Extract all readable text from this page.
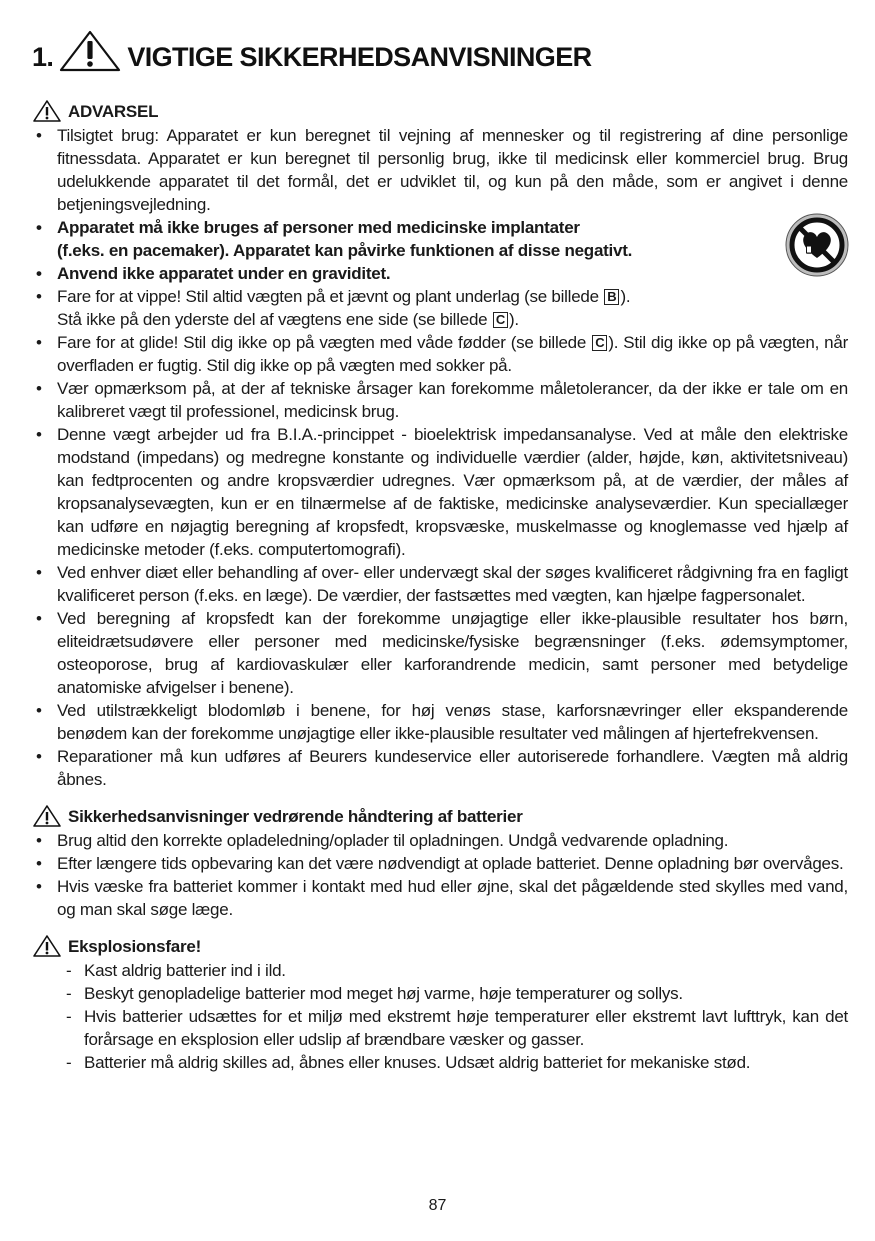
1.	VIGTIGE SIKKERHEDSANVISNINGER
ADVARSEL
• Tilsigtet brug: Apparatet er kun beregnet til vejning af mennesker og til registrering af dine personlige fitnessdata. Apparatet er kun beregnet til personlig brug, ikke til medicinsk eller kommerciel brug. Brug udelukkende apparatet til det formål, det er udviklet til, og kun på den måde, som er angivet i denne betjeningsvejledning.
• Apparatet må ikke bruges af personer med medicinske implantater
(f.eks. en pacemaker). Apparatet kan påvirke funktionen af disse negativt.
• Anvend ikke apparatet under en graviditet.
• Fare for at vippe! Stil altid vægten på et jævnt og plant underlag (se billede B ).
Stå ikke på den yderste del af vægtens ene side (se billede C ).
• Fare for at glide! Stil dig ikke op på vægten med våde fødder (se billede C ). Stil dig ikke op på vægten, når overfladen er fugtig. Stil dig ikke op på vægten med sokker på.
• Vær opmærksom på, at der af tekniske årsager kan forekomme måletolerancer, da der ikke er tale om en kalibreret vægt til professionel, medicinsk brug.
• Denne vægt arbejder ud fra B.I.A.-princippet - bioelektrisk impedansanalyse. Ved at måle den elektriske modstand (impedans) og medregne konstante og individuelle værdier (alder, højde, køn, aktivitetsniveau) kan fedtprocenten og andre kropsværdier udregnes. Vær opmærksom på, at de værdier, der måles af kropsanalysevægten, kun er en tilnærmelse af de faktiske, medicinske analyseværdier. Kun speciallæger kan udføre en nøjagtig beregning af kropsfedt, kropsvæske, muskelmasse og knoglemasse ved hjælp af medicinske metoder (f.eks. computertomografi).
• Ved enhver diæt eller behandling af over- eller undervægt skal der søges kvalificeret rådgivning fra en fagligt kvalificeret person (f.eks. en læge). De værdier, der fastsættes med vægten, kan hjælpe fagpersonalet.
• Ved beregning af kropsfedt kan der forekomme unøjagtige eller ikke-plausible resultater hos børn, eliteidrætsudøvere eller personer med medicinske/fysiske begrænsninger (f.eks. ødemsymptomer, osteoporose, brug af kardiovaskulær eller karforandrende medicin, samt personer med betydelige anatomiske afvigelser i benene).
• Ved utilstrækkeligt blodomløb i benene, for høj venøs stase, karforsnævringer eller ekspanderende benødem kan der forekomme unøjagtige eller ikke-plausible resultater ved målingen af hjertefrekvensen.
• Reparationer må kun udføres af Beurers kundeservice eller autoriserede forhandlere. Vægten må aldrig åbnes.
Sikkerhedsanvisninger vedrørende håndtering af batterier
• Brug altid den korrekte opladeledning/oplader til opladningen. Undgå vedvarende opladning.
• Efter længere tids opbevaring kan det være nødvendigt at oplade batteriet. Denne opladning bør overvåges.
• Hvis væske fra batteriet kommer i kontakt med hud eller øjne, skal det pågældende sted skylles med vand, og man skal søge læge.
Eksplosionsfare!
- Kast aldrig batterier ind i ild.
- Beskyt genopladelige batterier mod meget høj varme, høje temperaturer og sollys.
- Hvis batterier udsættes for et miljø med ekstremt høje temperaturer eller ekstremt lavt lufttryk, kan det forårsage en eksplosion eller udslip af brændbare væsker og gasser.
- Batterier må aldrig skilles ad, åbnes eller knuses. Udsæt aldrig batteriet for mekaniske stød.
87
